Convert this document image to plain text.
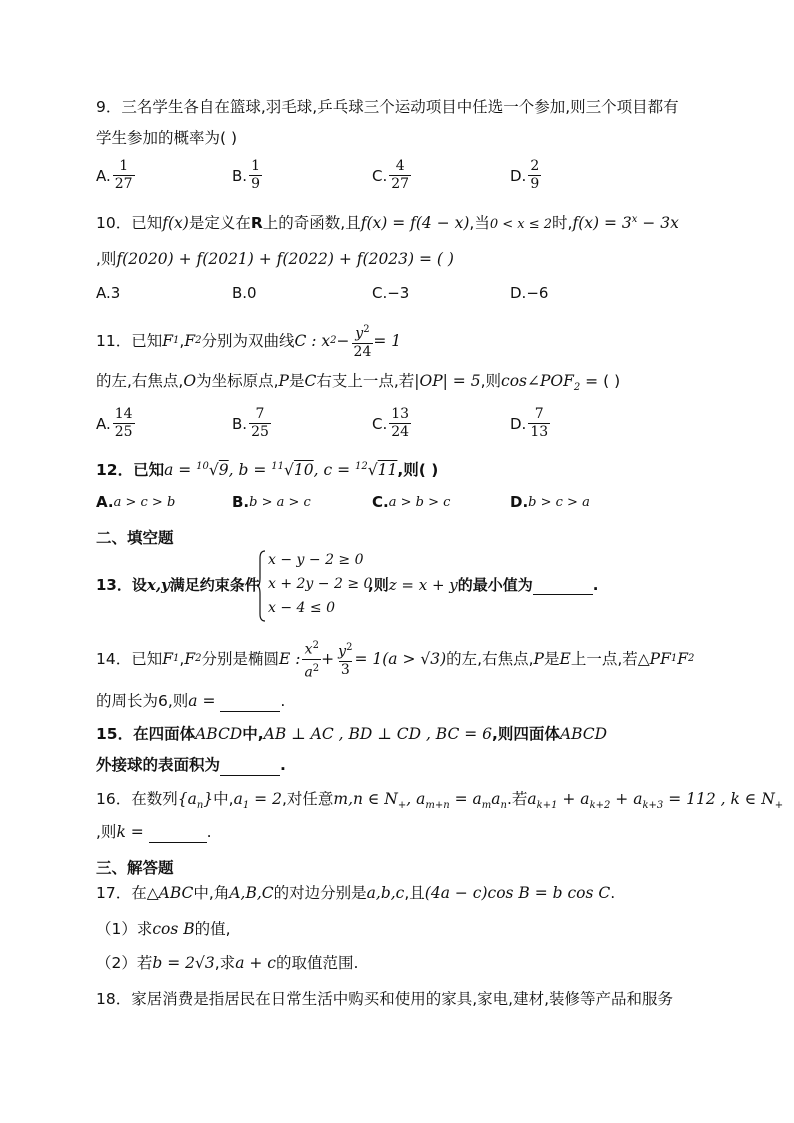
9．三名学生各自在篮球,羽毛球,乒乓球三个运动项目中任选一个参加,则三个项目都有
学生参加的概率为( )
A. $\frac{1}{27}$	B. $\frac{1}{9}$	C. $\frac{4}{27}$	D. $\frac{2}{9}$
10．已知f(x)是定义在R上的奇函数,且f(x) = f(4 − x),当0 < x ≤ 2时$,f(x) = 3^x - 3x$
,则f(2020) + f(2021) + f(2022) + f(2023) = ( )
A.3	B.0	C.−3	D.−6
11．已知 F 1 , F 2 分别为双曲线 C : x $2 - \frac{y^2}{24} = 1$
的左,右焦点,O为坐标原点,P是C右支上一点,若|OP| = 5,则$\cos\angle POF_2$ = ( )
A. $\frac{14}{25}$	B. $\frac{7}{25}$	C. $\frac{13}{24}$	D. $\frac{7}{13}$
12．已知a = $^{10}$√9, b = $^{11}$√10, c = $^{12}$√11,则( )
A. a > c > b	B. b > a > c	C. a > b > c	D. b > c > a
二、填空题
13．设x,y满足约束条件
x − y − 2 ≥ 0
x + 2y − 2 ≥ 0
x − 4 ≤ 0
,则z = x + y的最小值为	.
14．已知 F 1 , F 2 分别是椭圆 E : $\frac{x^2}{a^2} + \frac{y^2}{3} = 1$ (a > √3) 的左,右焦点, P 是 E 上一点,若 △PF 1 F 2
的周长为6,则a =	.
15．在四面体ABCD中,AB ⊥ AC , BD ⊥ CD , BC = 6,则四面体ABCD
外接球的表面积为	.
16．在数列$\{a_n\}$中$,a_1 = 2$,对任意m,n ∈ $N_+$, $a_{m+n} = a_ma_n$.若$a_{k+1} + a_{k+2} + a_{k+3} = 112$ , k ∈ $N_+$
,则k =	.
三、解答题
17．在△ABC中,角A,B,C的对边分别是a,b,c,且(4a − c)cos B = b cos C.
（1）求cos B的值,
（2）若b = 2√3,求a + c的取值范围.
18．家居消费是指居民在日常生活中购买和使用的家具,家电,建材,装修等产品和服务
